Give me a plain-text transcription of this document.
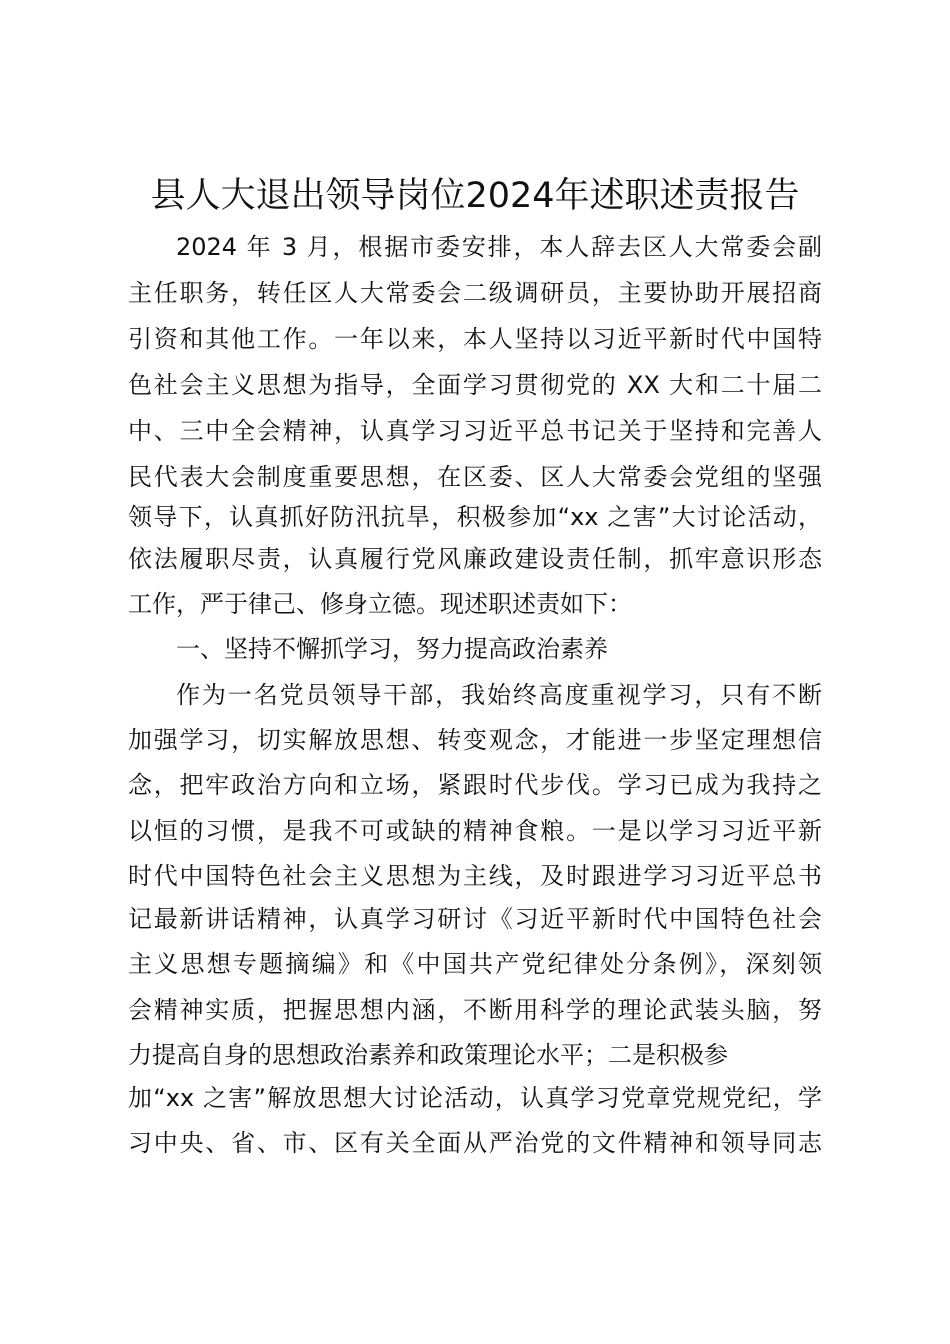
县人大退出领导岗位2024年述职述责报告

2024 年 3 月，根据市委安排，本人辞去区人大常委会副

主任职务，转任区人大常委会二级调研员，主要协助开展招商

引资和其他工作。一年以来，本人坚持以习近平新时代中国特

色社会主义思想为指导，全面学习贯彻党的 XX 大和二十届二

中、三中全会精神，认真学习习近平总书记关于坚持和完善人

民代表大会制度重要思想，在区委、区人大常委会党组的坚强

领导下，认真抓好防汛抗旱，积极参加“xx 之害”大讨论活动，

依法履职尽责，认真履行党风廉政建设责任制，抓牢意识形态

工作，严于律己、修身立德。现述职述责如下：

一、坚持不懈抓学习，努力提高政治素养

作为一名党员领导干部，我始终高度重视学习，只有不断

加强学习，切实解放思想、转变观念，才能进一步坚定理想信

念，把牢政治方向和立场，紧跟时代步伐。学习已成为我持之

以恒的习惯，是我不可或缺的精神食粮。一是以学习习近平新

时代中国特色社会主义思想为主线，及时跟进学习习近平总书

记最新讲话精神，认真学习研讨《习近平新时代中国特色社会

主义思想专题摘编》和《中国共产党纪律处分条例》，深刻领

会精神实质，把握思想内涵，不断用科学的理论武装头脑，努

力提高自身的思想政治素养和政策理论水平；二是积极参

加“xx 之害”解放思想大讨论活动，认真学习党章党规党纪，学

习中央、省、市、区有关全面从严治党的文件精神和领导同志
